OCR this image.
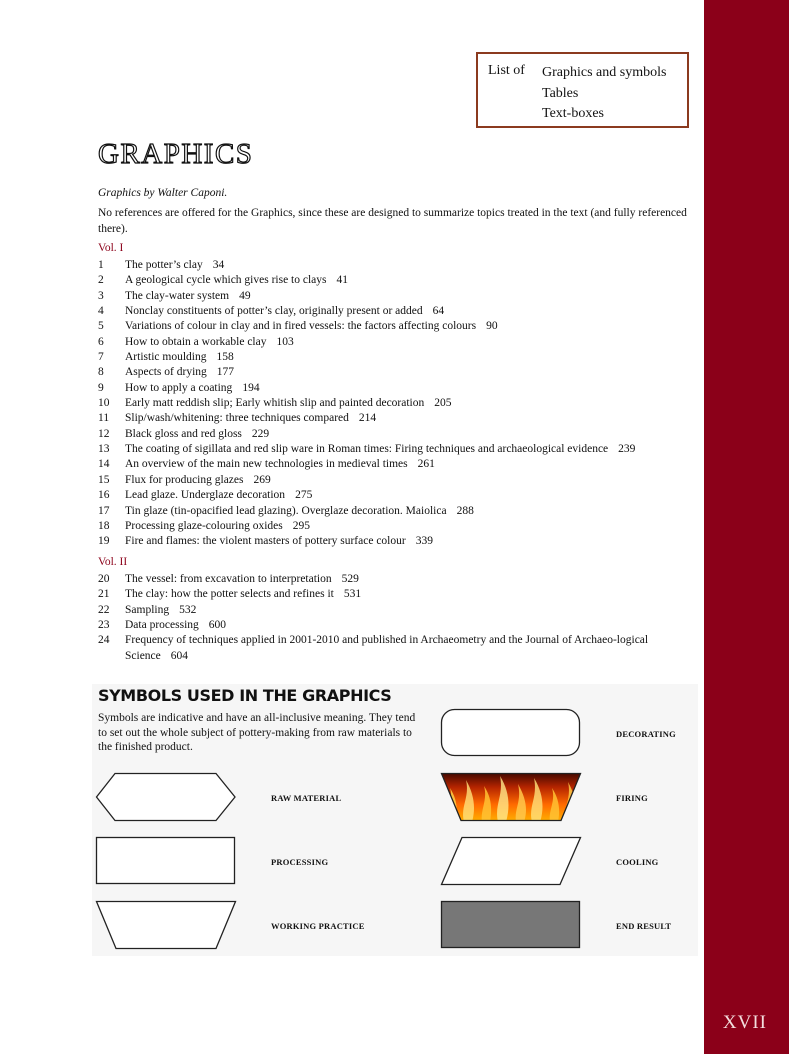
XVII
List of Graphics and symbols
Tables
Text-boxes
GRAPHICS
Graphics by Walter Caponi.
No references are offered for the Graphics, since these are designed to summarize topics treated in the text (and fully referenced there).
Vol. I
1	The potter’s clay 34
2	A geological cycle which gives rise to clays 41
3	The clay-water system 49
4	Nonclay constituents of potter’s clay, originally present or added 64
5	Variations of colour in clay and in fired vessels: the factors affecting colours 90
6	How to obtain a workable clay 103
7	Artistic moulding 158
8	Aspects of drying 177
9	How to apply a coating 194
10	Early matt reddish slip; Early whitish slip and painted decoration 205
11	Slip/wash/whitening: three techniques compared 214
12	Black gloss and red gloss 229
13	The coating of sigillata and red slip ware in Roman times: Firing techniques and archaeological evidence 239
14	An overview of the main new technologies in medieval times 261
15	Flux for producing glazes 269
16	Lead glaze. Underglaze decoration 275
17	Tin glaze (tin-opacified lead glazing). Overglaze decoration. Maiolica 288
18	Processing glaze-colouring oxides 295
19	Fire and flames: the violent masters of pottery surface colour 339
Vol. II
20	The vessel: from excavation to interpretation 529
21	The clay: how the potter selects and refines it 531
22	Sampling 532
23	Data processing 600
24	Frequency of techniques applied in 2001-2010 and published in Archaeometry and the Journal of Archaeo-logical Science 604
SYMBOLS USED IN THE GRAPHICS
Symbols are indicative and have an all-inclusive meaning. They tend to set out the whole subject of pottery-making from raw materials to the finished product.
DECORATING
RAW MATERIAL	FIRING
PROCESSING	COOLING
WORKING PRACTICE	END RESULT
